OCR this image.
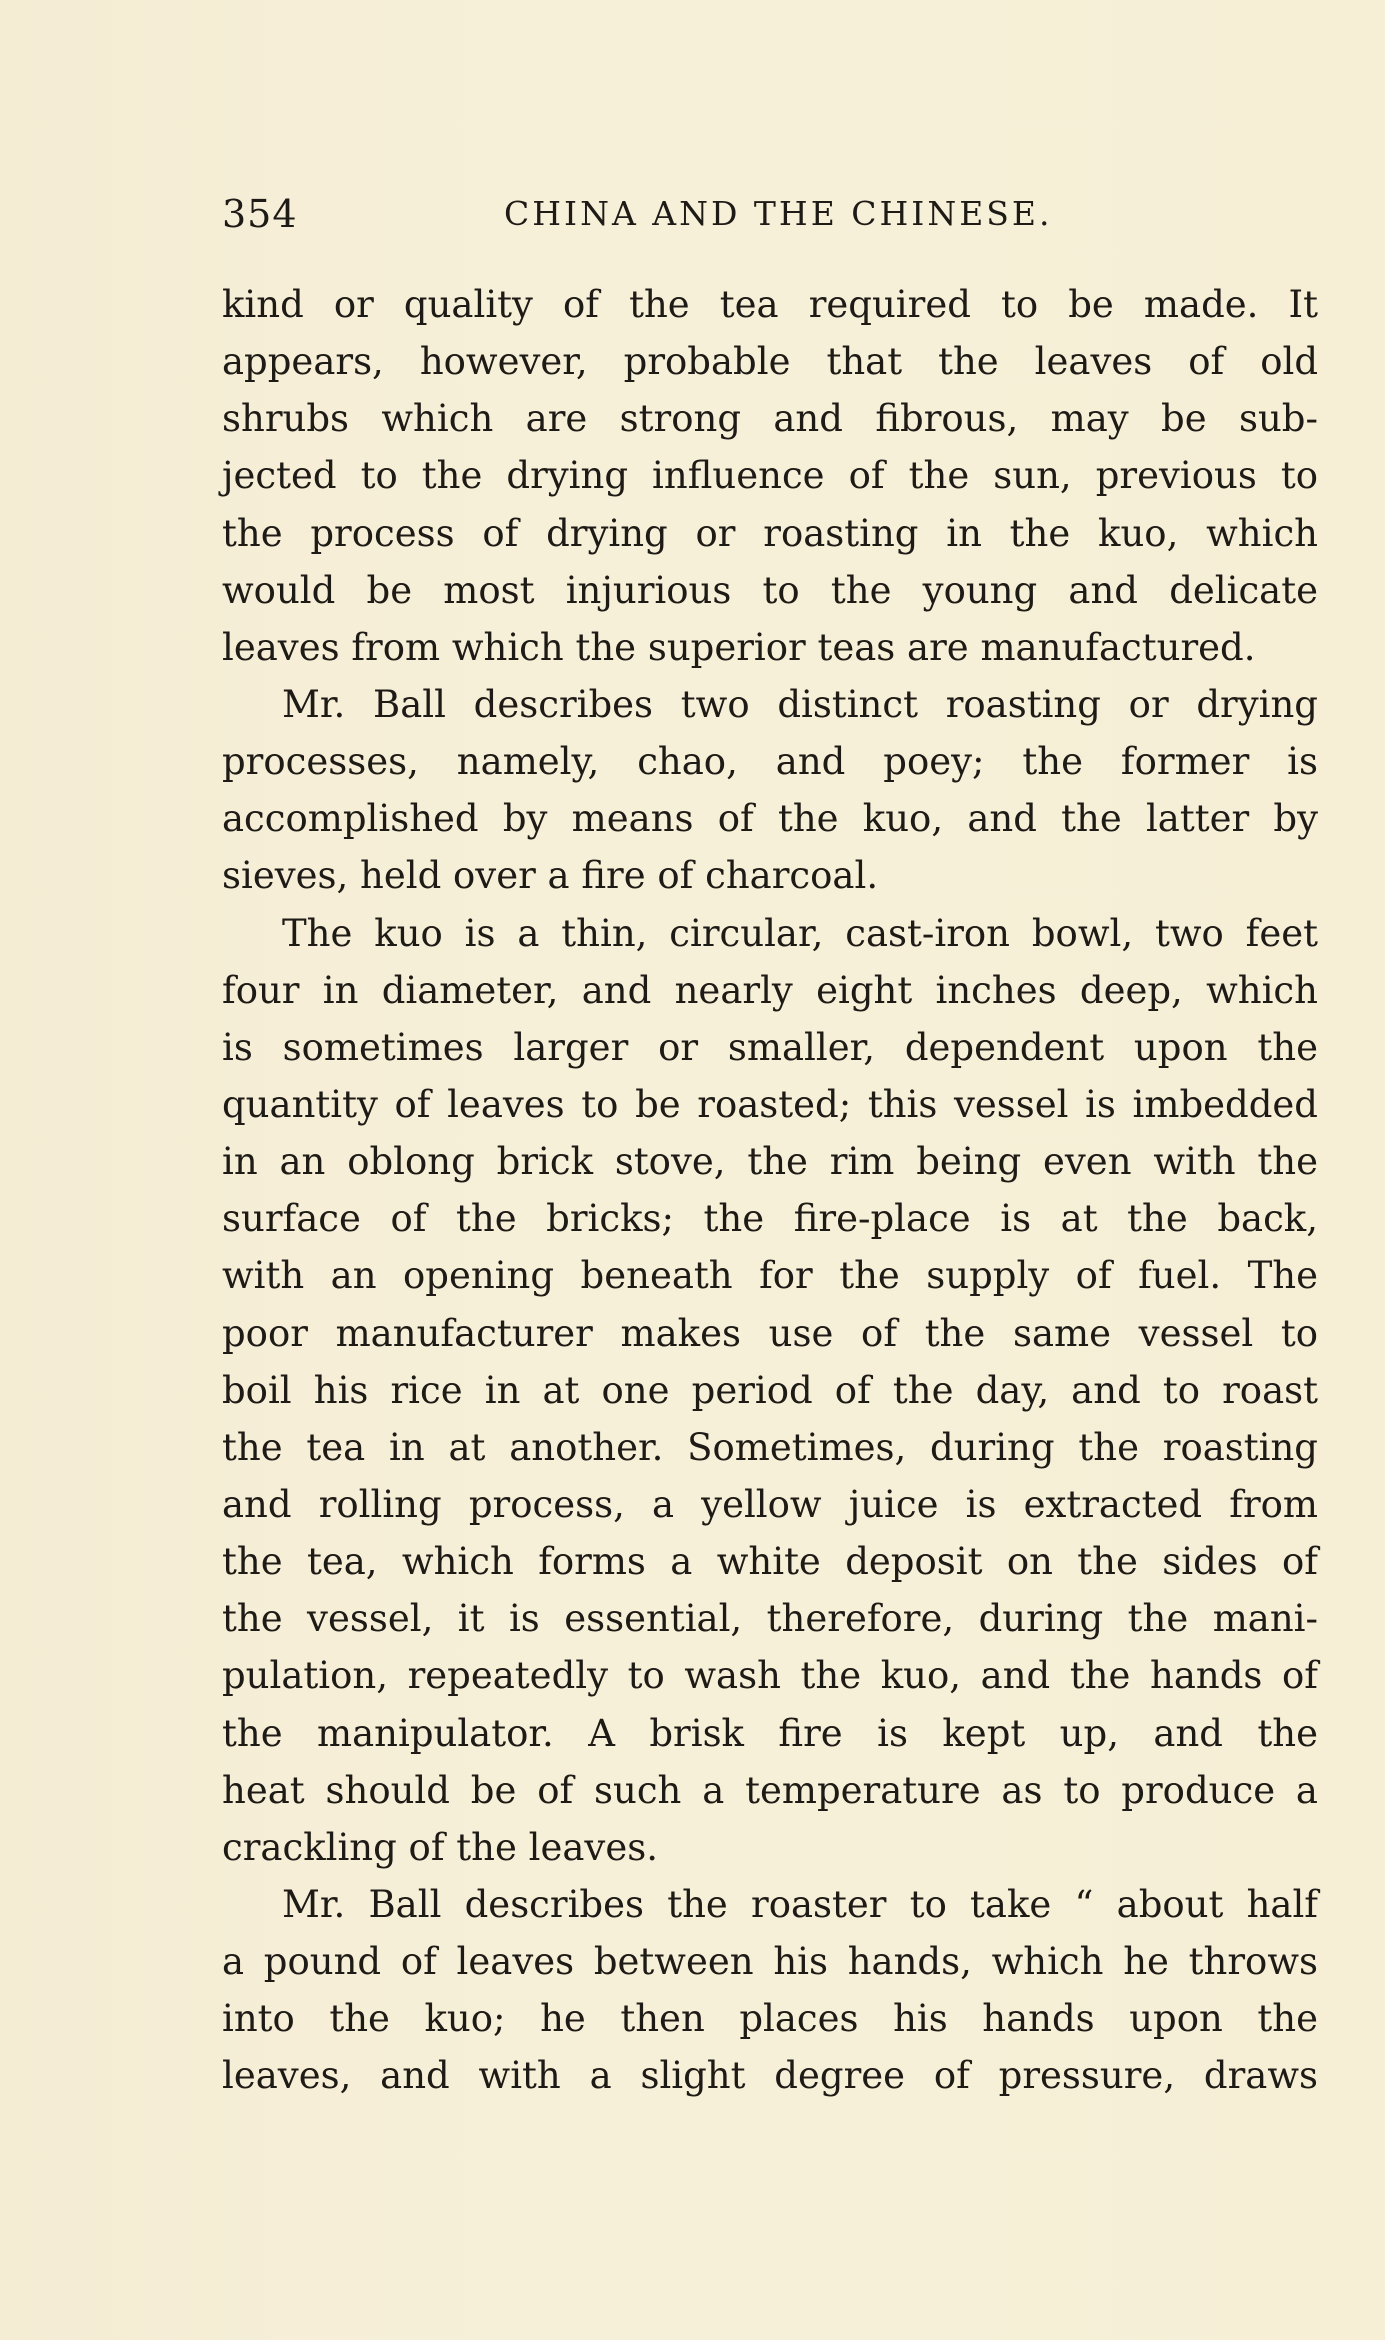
354	CHINA AND THE CHINESE.
kind or quality of the tea required to be made. It
appears, however, probable that the leaves of old
shrubs which are strong and fibrous, may be sub-
jected to the drying influence of the sun, previous to
the process of drying or roasting in the kuo, which
would be most injurious to the young and delicate
leaves from which the superior teas are manufactured.
Mr. Ball describes two distinct roasting or drying
processes, namely, chao, and poey; the former is
accomplished by means of the kuo, and the latter by
sieves, held over a fire of charcoal.
The kuo is a thin, circular, cast-iron bowl, two feet
four in diameter, and nearly eight inches deep, which
is sometimes larger or smaller, dependent upon the
quantity of leaves to be roasted; this vessel is imbedded
in an oblong brick stove, the rim being even with the
surface of the bricks; the fire-place is at the back,
with an opening beneath for the supply of fuel. The
poor manufacturer makes use of the same vessel to
boil his rice in at one period of the day, and to roast
the tea in at another. Sometimes, during the roasting
and rolling process, a yellow juice is extracted from
the tea, which forms a white deposit on the sides of
the vessel, it is essential, therefore, during the mani-
pulation, repeatedly to wash the kuo, and the hands of
the manipulator. A brisk fire is kept up, and the
heat should be of such a temperature as to produce a
crackling of the leaves.
Mr. Ball describes the roaster to take “ about half
a pound of leaves between his hands, which he throws
into the kuo; he then places his hands upon the
leaves, and with a slight degree of pressure, draws
